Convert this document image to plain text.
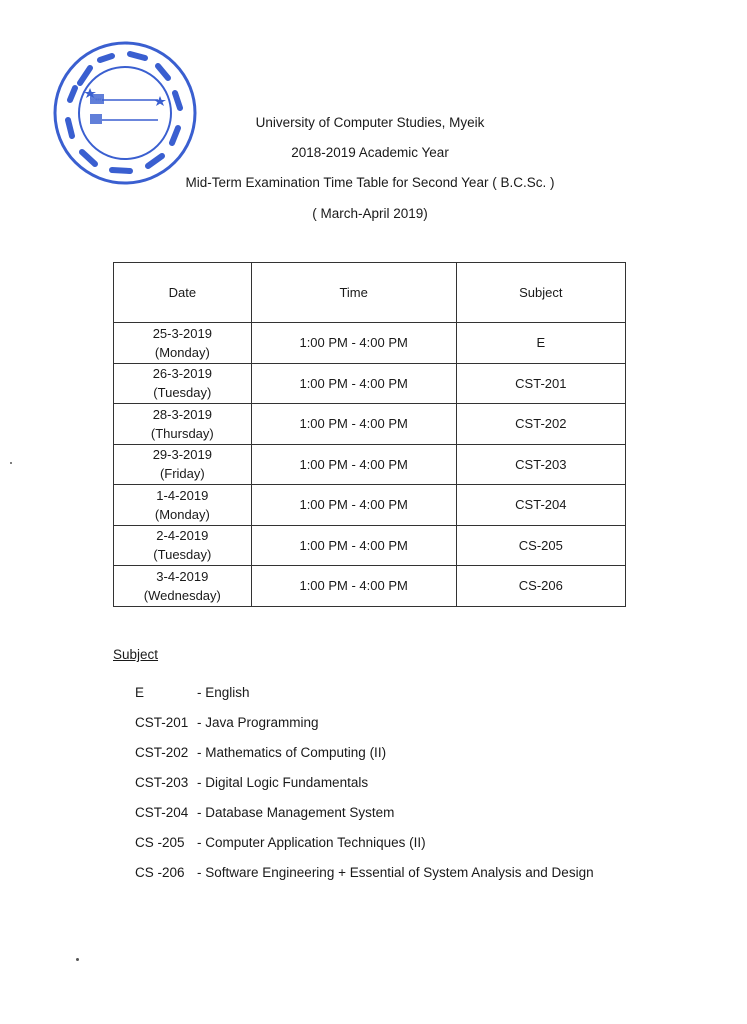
University of Computer Studies, Myeik
2018-2019 Academic Year
Mid-Term Examination Time Table for Second Year ( B.C.Sc. )
( March-April 2019)
Date	Time	Subject
25-3-2019
(Monday)	1:00 PM - 4:00 PM	E
26-3-2019
(Tuesday)	1:00 PM - 4:00 PM	CST-201
28-3-2019
(Thursday)	1:00 PM - 4:00 PM	CST-202
29-3-2019
(Friday)	1:00 PM - 4:00 PM	CST-203
1-4-2019
(Monday)	1:00 PM - 4:00 PM	CST-204
2-4-2019
(Tuesday)	1:00 PM - 4:00 PM	CS-205
3-4-2019
(Wednesday)	1:00 PM - 4:00 PM	CS-206
Subject
E	- English
CST-201 - Java Programming
CST-202 - Mathematics of Computing (II)
CST-203 - Digital Logic Fundamentals
CST-204 - Database Management System
CS -205 - Computer Application Techniques (II)
CS -206 - Software Engineering + Essential of System Analysis and Design
